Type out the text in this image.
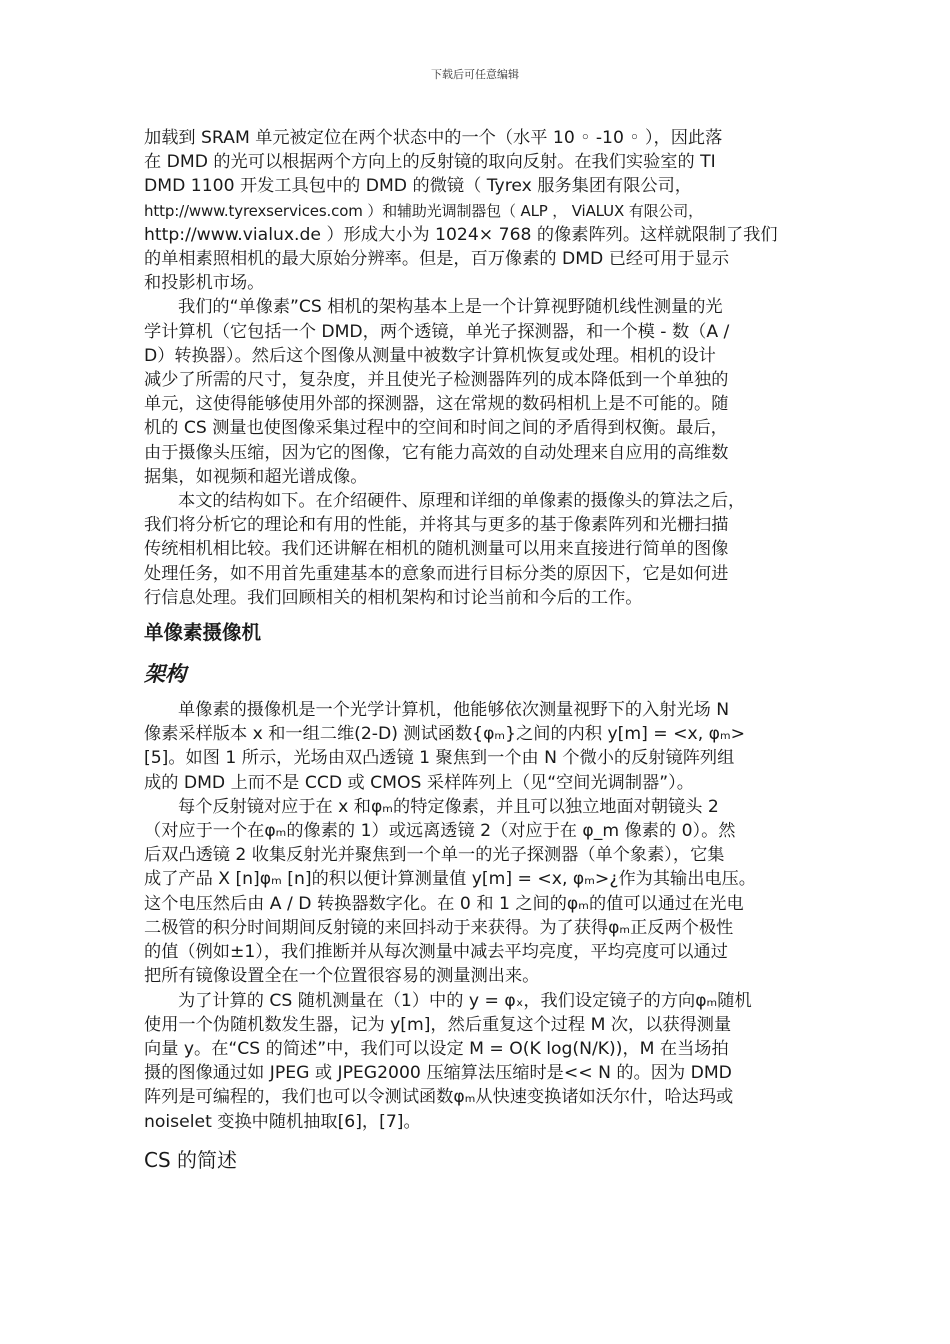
下载后可任意编辑

加载到 SRAM 单元被定位在两个状态中的一个（水平 10 ◦ -10 ◦ ），因此落

在 DMD 的光可以根据两个方向上的反射镜的取向反射。在我们实验室的 TI

DMD 1100 开发工具包中的 DMD 的微镜（ Tyrex 服务集团有限公司，

http://www.tyrexservices.com ）和辅助光调制器包（ ALP ， ViALUX 有限公司，

http://www.vialux.de ）形成大小为 1024× 768 的像素阵列。这样就限制了我们

的单相素照相机的最大原始分辨率。但是，百万像素的 DMD 已经可用于显示

和投影机市场。

我们的“单像素”CS 相机的架构基本上是一个计算视野随机线性测量的光

学计算机（它包括一个 DMD，两个透镜，单光子探测器，和一个模 - 数（A /

D）转换器）。然后这个图像从测量中被数字计算机恢复或处理。相机的设计

减少了所需的尺寸，复杂度，并且使光子检测器阵列的成本降低到一个单独的

单元，这使得能够使用外部的探测器，这在常规的数码相机上是不可能的。随

机的 CS 测量也使图像采集过程中的空间和时间之间的矛盾得到权衡。最后，

由于摄像头压缩，因为它的图像，它有能力高效的自动处理来自应用的高维数

据集，如视频和超光谱成像。

本文的结构如下。在介绍硬件、原理和详细的单像素的摄像头的算法之后，

我们将分析它的理论和有用的性能，并将其与更多的基于像素阵列和光栅扫描

传统相机相比较。我们还讲解在相机的随机测量可以用来直接进行简单的图像

处理任务，如不用首先重建基本的意象而进行目标分类的原因下，它是如何进

行信息处理。我们回顾相关的相机架构和讨论当前和今后的工作。

单像素摄像机
架构

单像素的摄像机是一个光学计算机，他能够依次测量视野下的入射光场 N

像素采样版本 x 和一组二维(2-D) 测试函数{φₘ}之间的内积 y[m] = <x, φₘ>

[5]。如图 1 所示，光场由双凸透镜 1 聚焦到一个由 N 个微小的反射镜阵列组

成的 DMD 上而不是 CCD 或 CMOS 采样阵列上（见“空间光调制器”）。

每个反射镜对应于在 x 和φₘ的特定像素，并且可以独立地面对朝镜头 2

（对应于一个在φₘ的像素的 1）或远离透镜 2（对应于在 φ_m 像素的 0）。然

后双凸透镜 2 收集反射光并聚焦到一个单一的光子探测器（单个象素），它集

成了产品 X [n]φₘ [n]的积以便计算测量值 y[m] = <x, φₘ>¿作为其输出电压。

这个电压然后由 A / D 转换器数字化。在 0 和 1 之间的φₘ的值可以通过在光电

二极管的积分时间期间反射镜的来回抖动于来获得。为了获得φₘ正反两个极性

的值（例如±1），我们推断并从每次测量中减去平均亮度，平均亮度可以通过

把所有镜像设置全在一个位置很容易的测量测出来。

为了计算的 CS 随机测量在（1）中的 y = φₓ，我们设定镜子的方向φₘ随机

使用一个伪随机数发生器，记为 y[m]，然后重复这个过程 M 次，以获得测量

向量 y。在“CS 的简述”中，我们可以设定 M = O(K log(N/K))，M 在当场拍

摄的图像通过如 JPEG 或 JPEG2000 压缩算法压缩时是<< N 的。因为 DMD

阵列是可编程的，我们也可以令测试函数φₘ从快速变换诸如沃尔什，哈达玛或

noiselet 变换中随机抽取[6]，[7]。

CS 的简述
